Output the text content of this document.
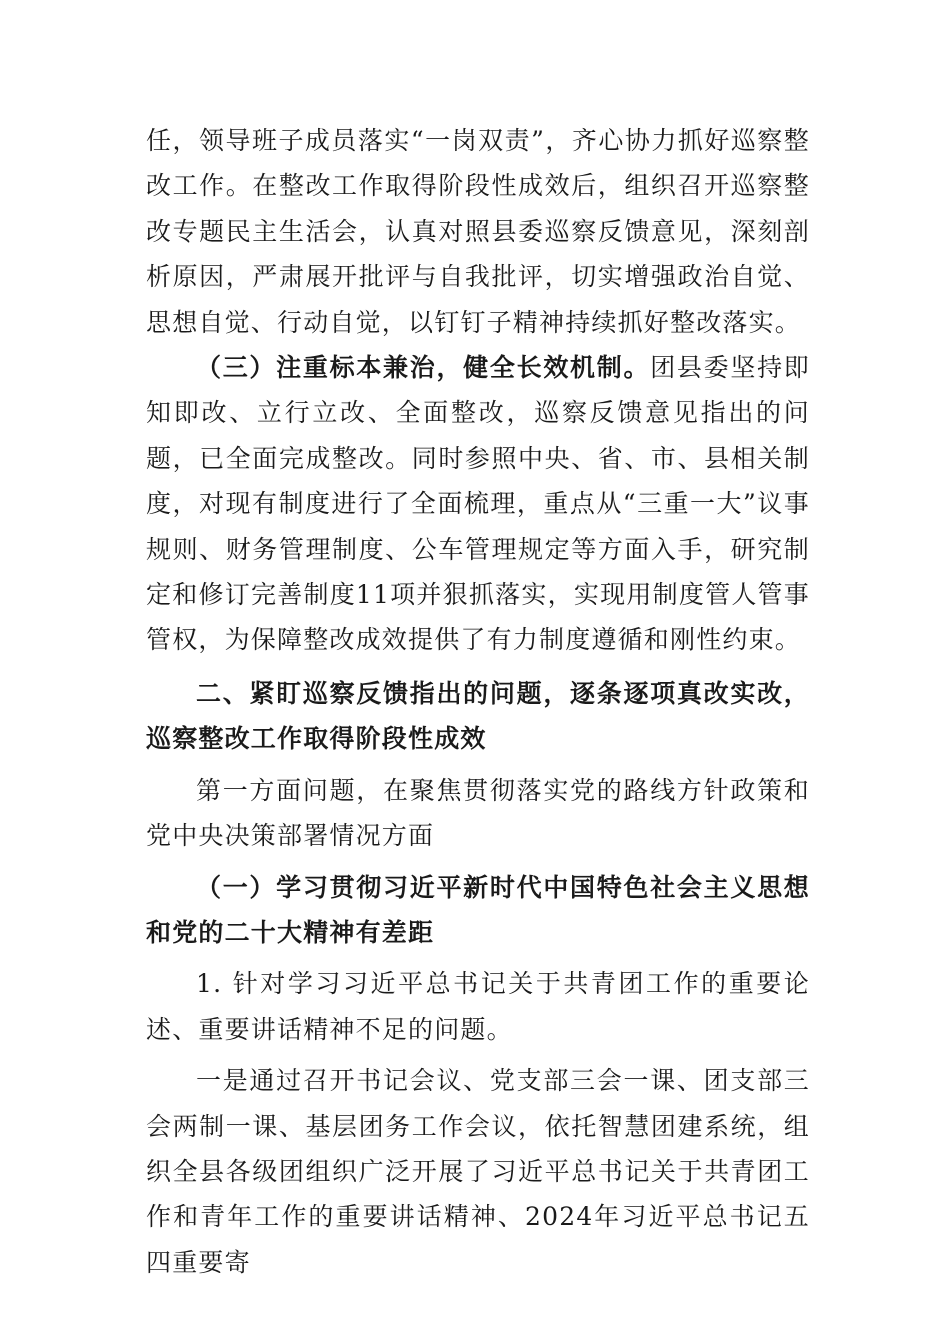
任，领导班子成员落实“一岗双责”，齐心协力抓好巡察整改工作。在整改工作取得阶段性成效后，组织召开巡察整改专题民主生活会，认真对照县委巡察反馈意见，深刻剖析原因，严肃展开批评与自我批评，切实增强政治自觉、思想自觉、行动自觉，以钉钉子精神持续抓好整改落实。

（三）注重标本兼治，健全长效机制。团县委坚持即知即改、立行立改、全面整改，巡察反馈意见指出的问题，已全面完成整改。同时参照中央、省、市、县相关制度，对现有制度进行了全面梳理，重点从“三重一大”议事规则、财务管理制度、公车管理规定等方面入手，研究制定和修订完善制度11项并狠抓落实，实现用制度管人管事管权，为保障整改成效提供了有力制度遵循和刚性约束。

二、紧盯巡察反馈指出的问题，逐条逐项真改实改，巡察整改工作取得阶段性成效

第一方面问题，在聚焦贯彻落实党的路线方针政策和党中央决策部署情况方面

（一）学习贯彻习近平新时代中国特色社会主义思想和党的二十大精神有差距

1. 针对学习习近平总书记关于共青团工作的重要论述、重要讲话精神不足的问题。

一是通过召开书记会议、党支部三会一课、团支部三会两制一课、基层团务工作会议，依托智慧团建系统，组织全县各级团组织广泛开展了习近平总书记关于共青团工作和青年工作的重要讲话精神、2024年习近平总书记五四重要寄
